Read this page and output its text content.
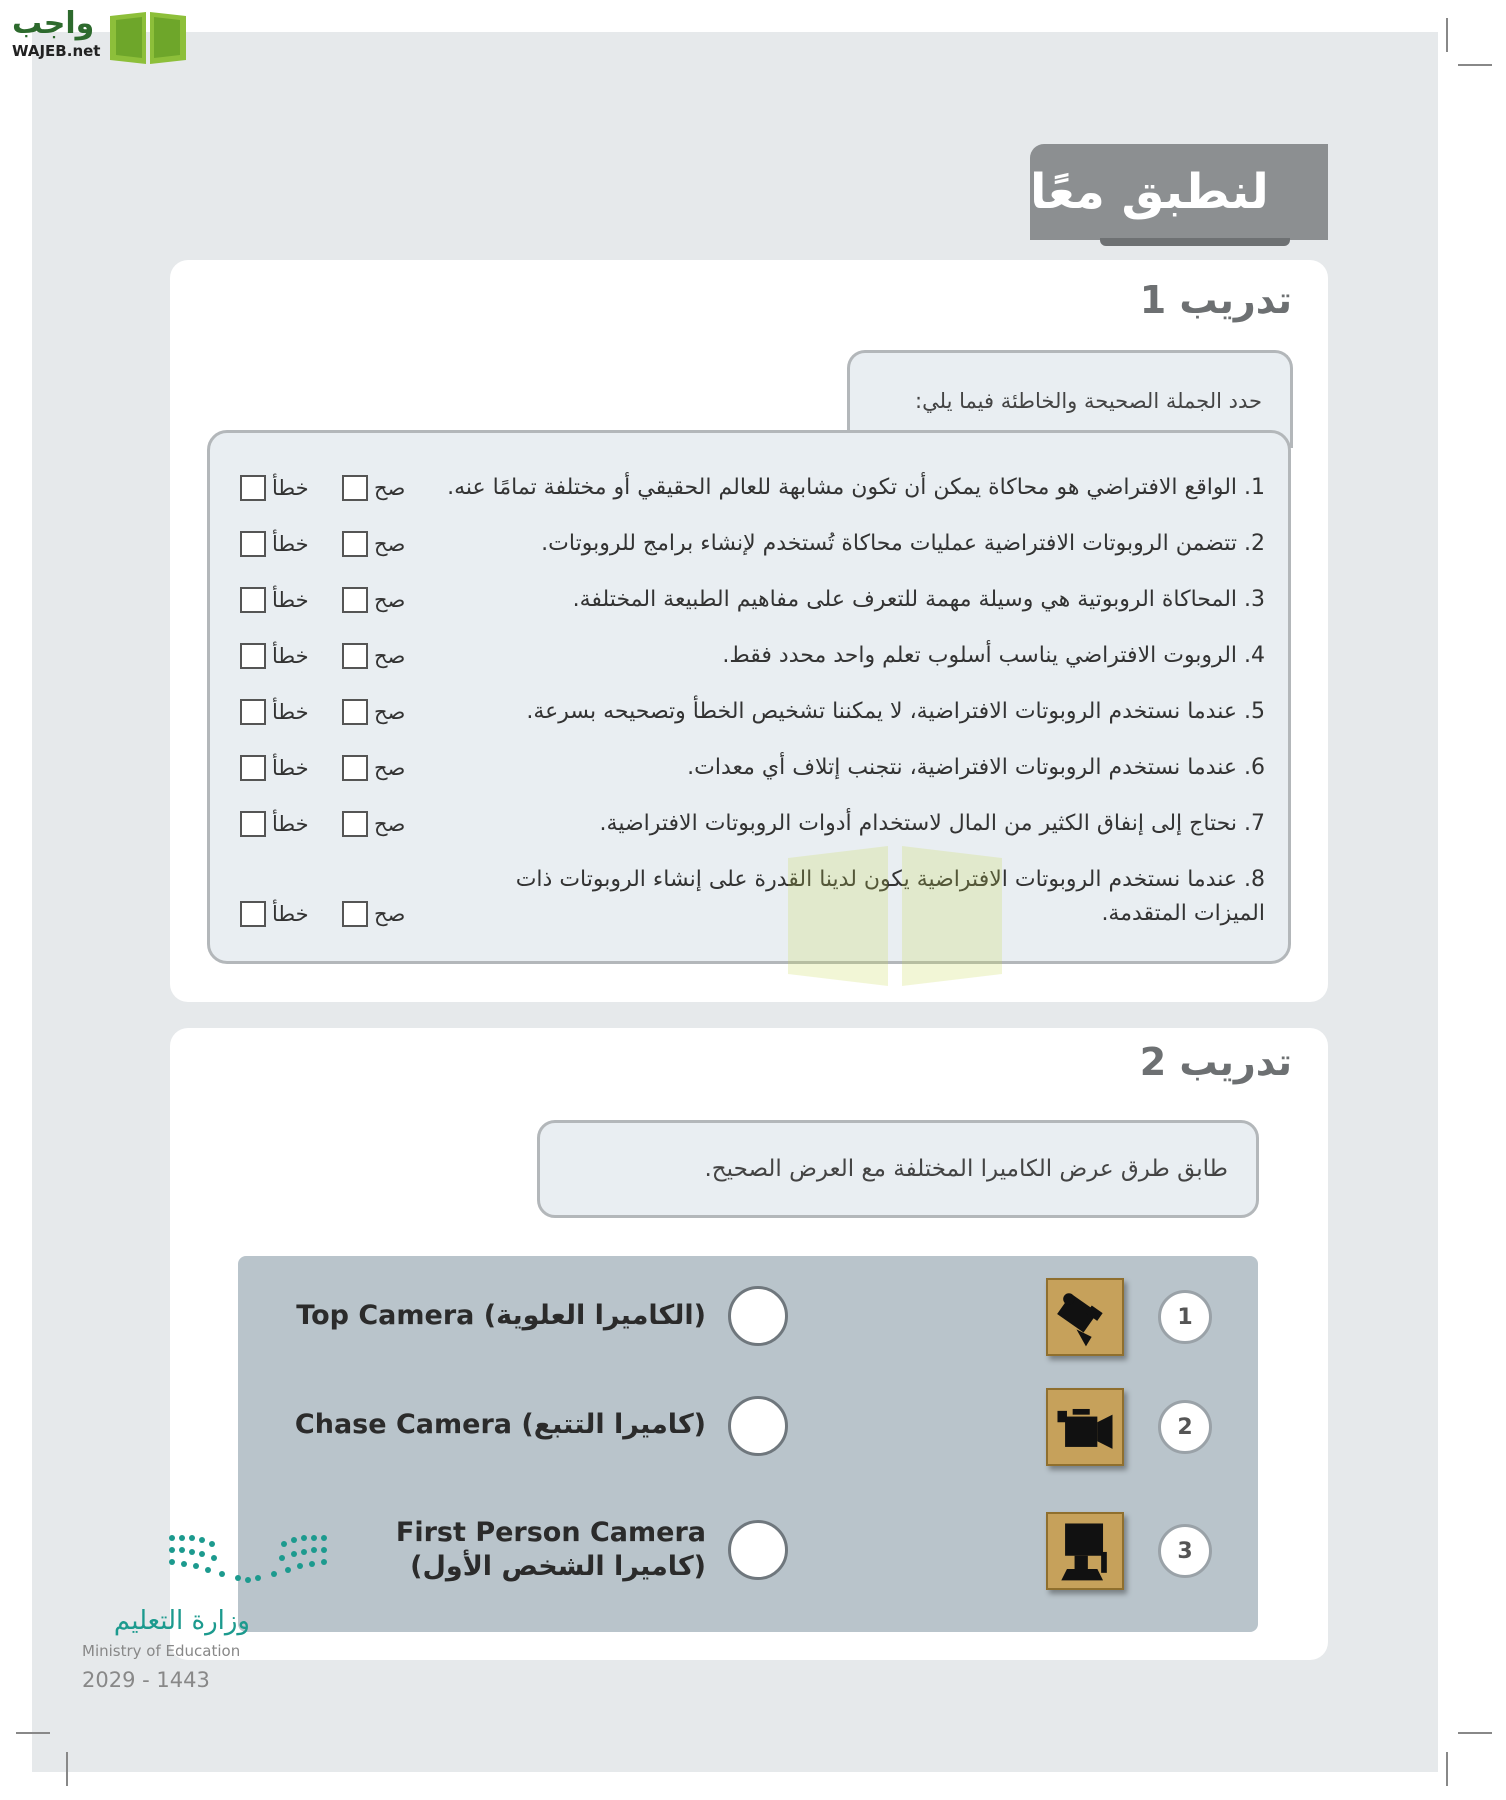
واجب
WAJEB.net
لنطبق معًا
تدريب 1
حدد الجملة الصحيحة والخاطئة فيما يلي:
1. الواقع الافتراضي هو محاكاة يمكن أن تكون مشابهة للعالم الحقيقي أو مختلفة تمامًا عنه.
صح
خطأ
2. تتضمن الروبوتات الافتراضية عمليات محاكاة تُستخدم لإنشاء برامج للروبوتات.
صح
خطأ
3. المحاكاة الروبوتية هي وسيلة مهمة للتعرف على مفاهيم الطبيعة المختلفة.
صح
خطأ
4. الروبوت الافتراضي يناسب أسلوب تعلم واحد محدد فقط.
صح
خطأ
5. عندما نستخدم الروبوتات الافتراضية، لا يمكننا تشخيص الخطأ وتصحيحه بسرعة.
صح
خطأ
6. عندما نستخدم الروبوتات الافتراضية، نتجنب إتلاف أي معدات.
صح
خطأ
7. نحتاج إلى إنفاق الكثير من المال لاستخدام أدوات الروبوتات الافتراضية.
صح
خطأ
8. عندما نستخدم الروبوتات الافتراضية يكون لدينا القدرة على إنشاء الروبوتات ذات الميزات المتقدمة.
صح
خطأ
تدريب 2
طابق طرق عرض الكاميرا المختلفة مع العرض الصحيح.
1
Top Camera (الكاميرا العلوية)
2
Chase Camera (كاميرا التتبع)
3
First Person Camera
(كاميرا الشخص الأول)
وزارة التعليم
Ministry of Education
2029 - 1443
